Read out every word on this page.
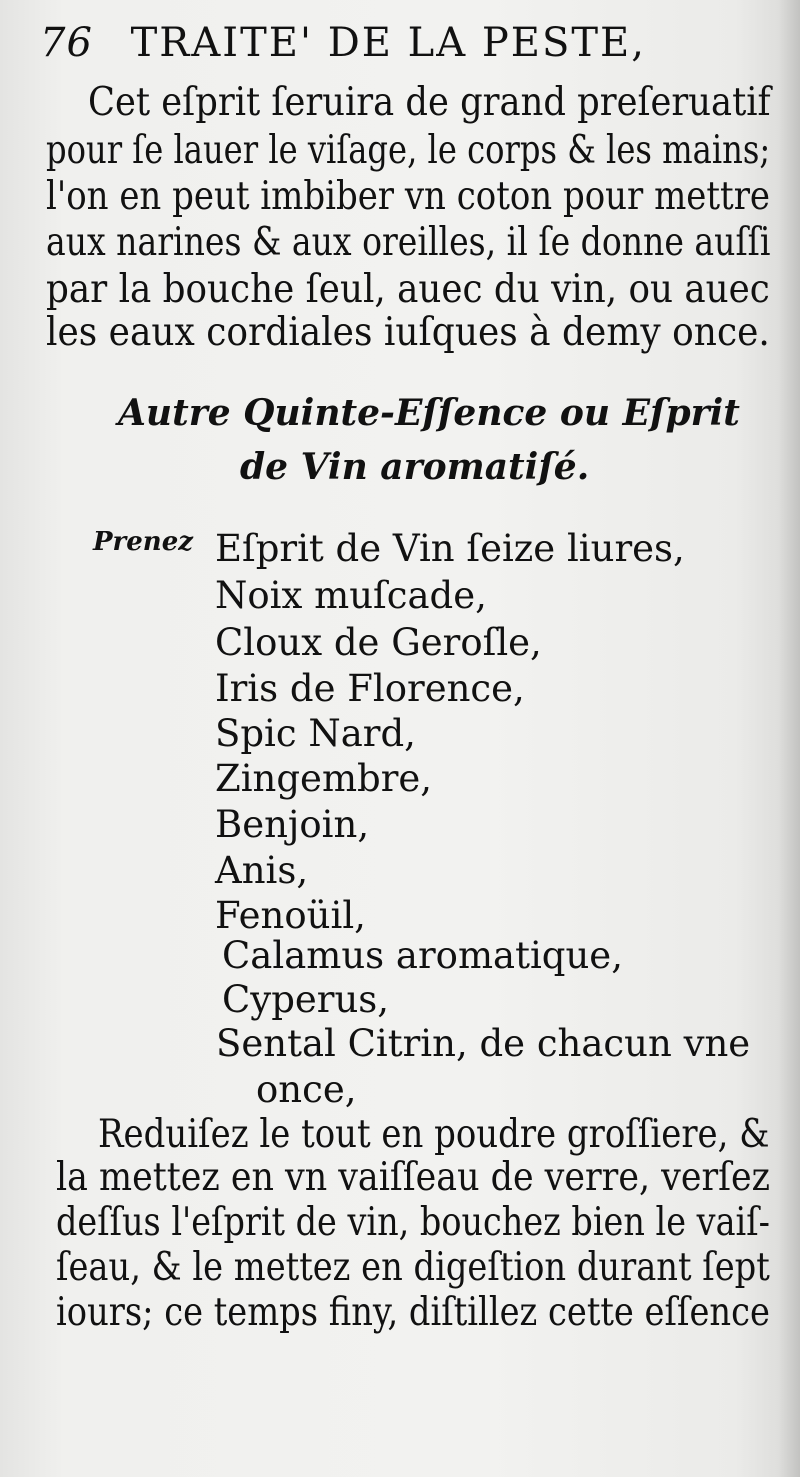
76 TRAITE' DE LA PESTE,
Cet eſprit ſeruira de grand preſeruatif
pour ſe lauer le viſage, le corps & les mains;
l'on en peut imbiber vn coton pour mettre
aux narines & aux oreilles, il ſe donne auſſi
par la bouche ſeul, auec du vin, ou auec
les eaux cordiales iuſques à demy once.
Autre Quinte-Eſſence ou Eſprit
de Vin aromatiſé.
Prenez Eſprit de Vin ſeize liures,
Noix muſcade,
Cloux de Geroſle,
Iris de Florence,
Spic Nard,
Zingembre,
Benjoin,
Anis,
Fenoüil,
Calamus aromatique,
Cyperus,
Sental Citrin, de chacun vne
once,
Reduiſez le tout en poudre groſſiere, &
la mettez en vn vaiſſeau de verre, verſez
deſſus l'eſprit de vin, bouchez bien le vaiſ-
ſeau, & le mettez en digeſtion durant ſept
iours; ce temps finy, diſtillez cette eſſence
